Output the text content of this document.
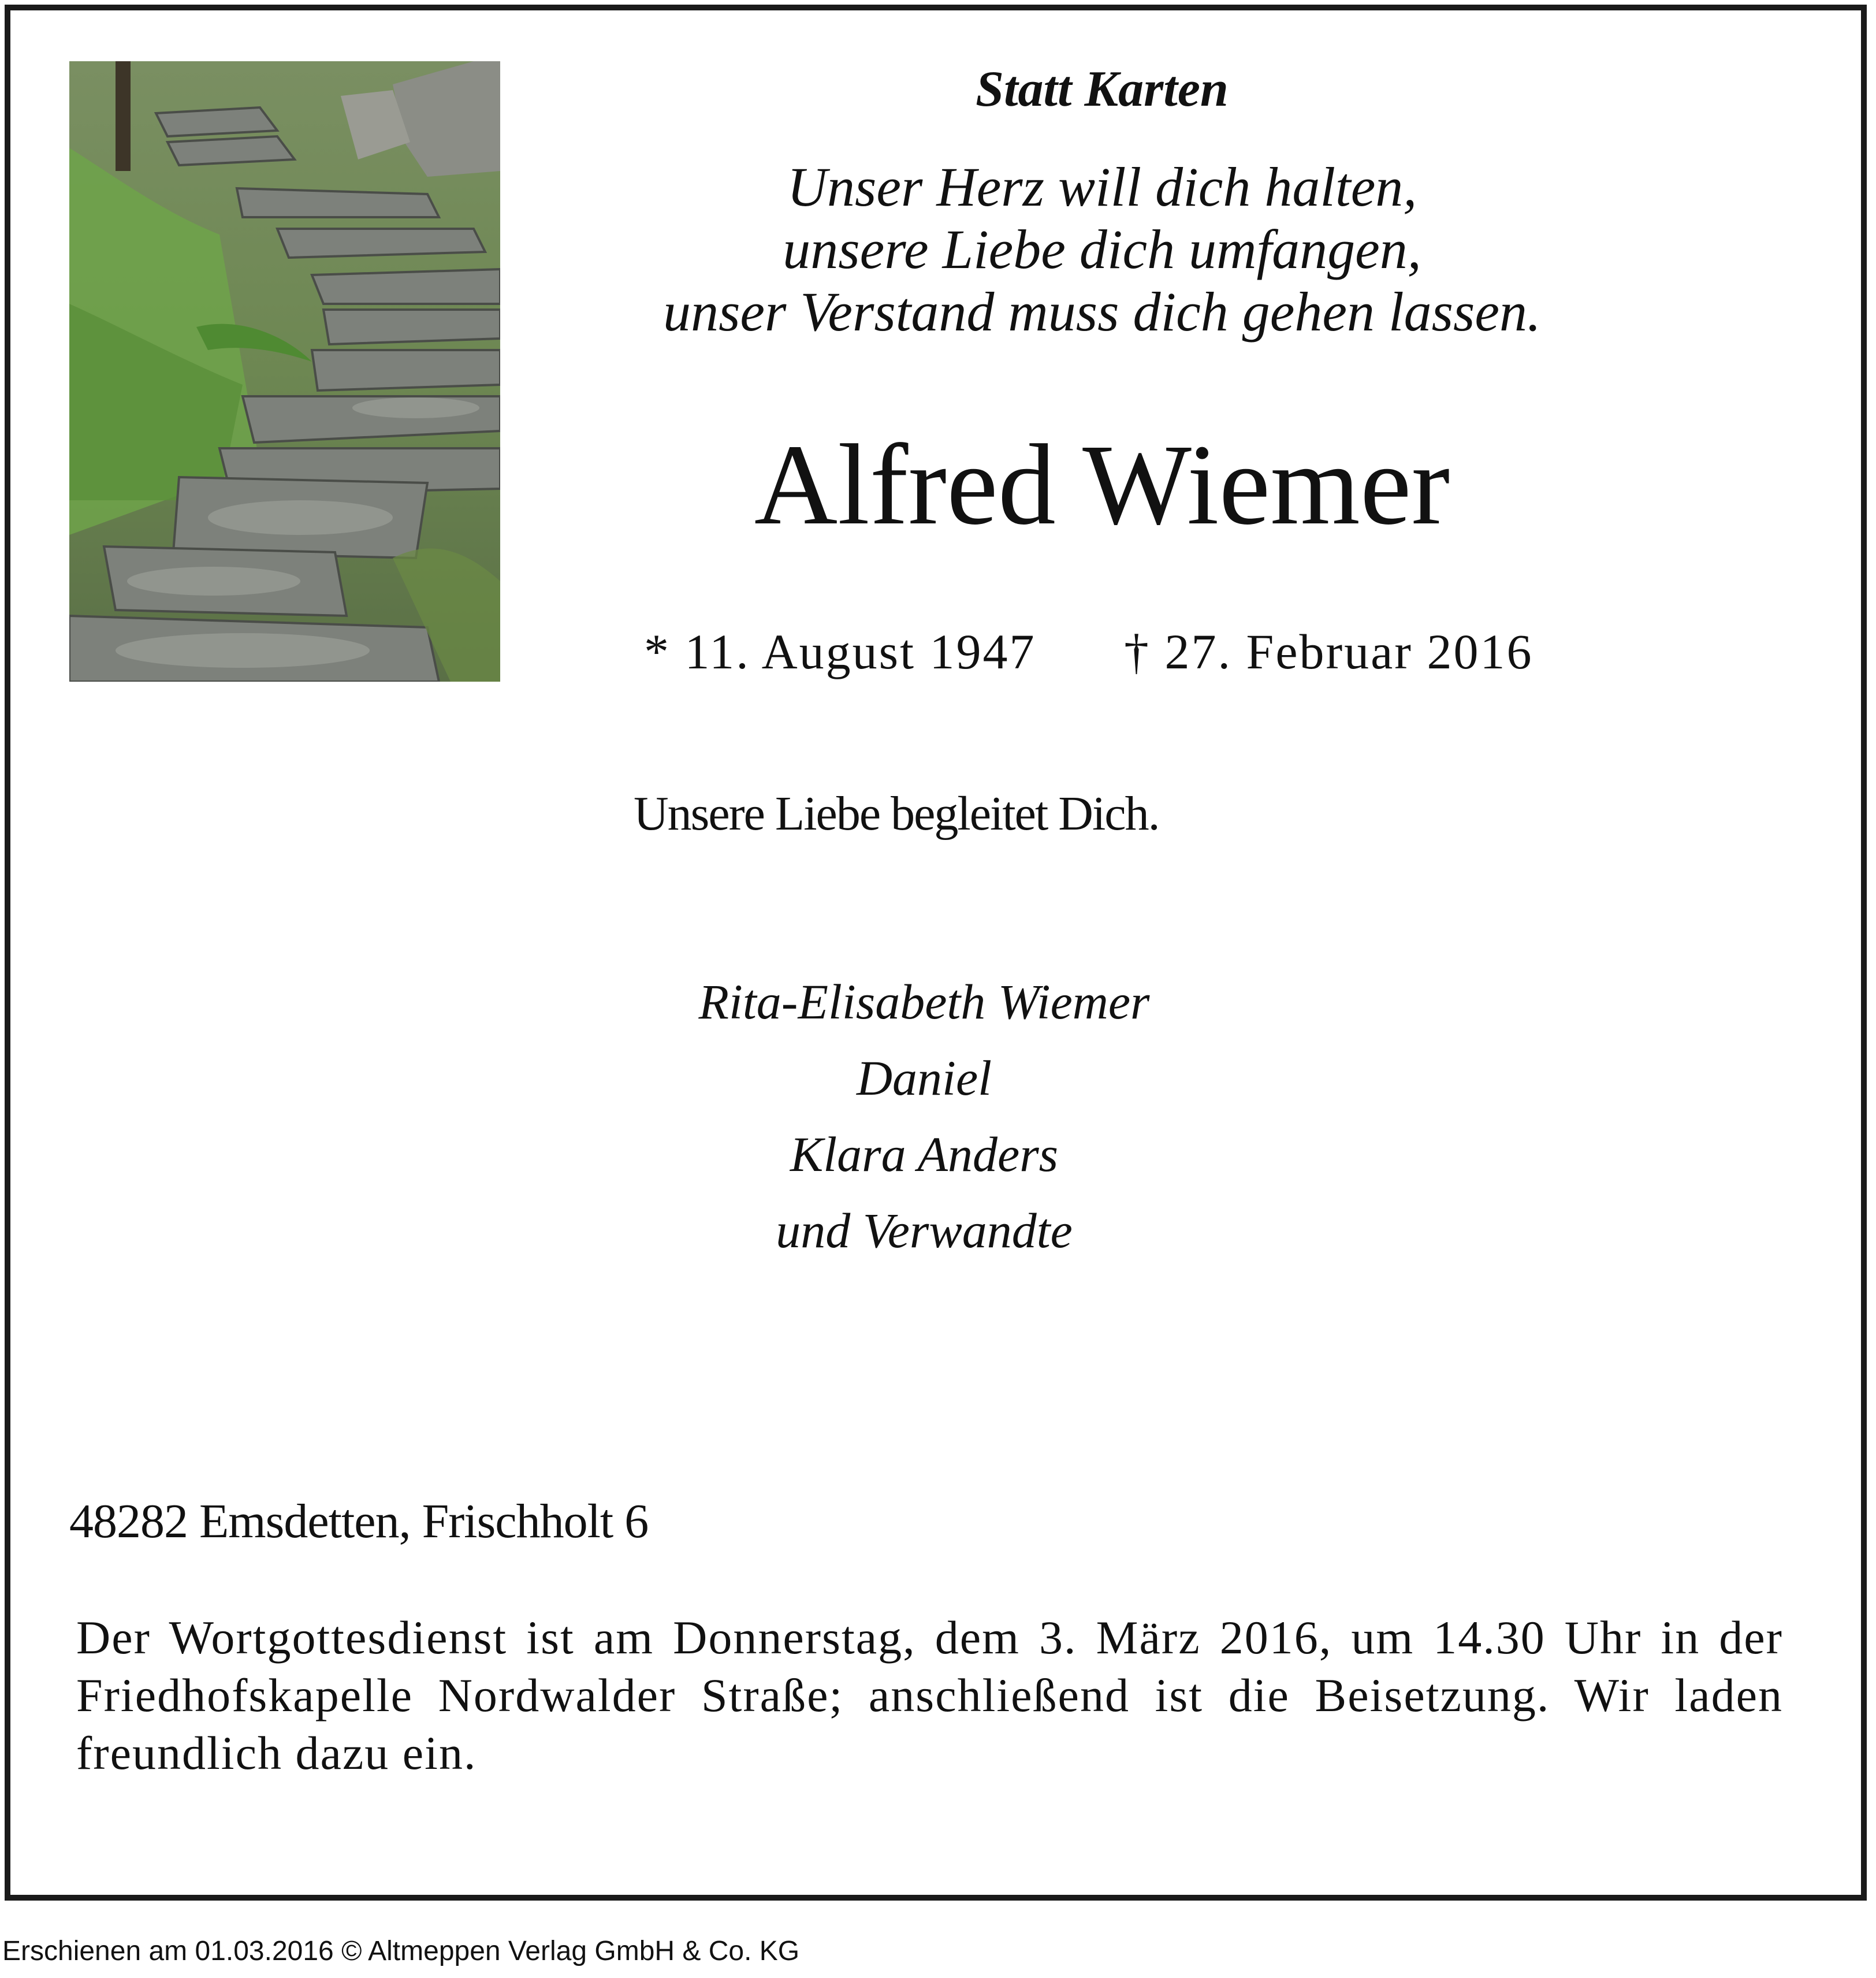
Statt Karten
Unser Herz will dich halten,
unsere Liebe dich umfangen,
unser Verstand muss dich gehen lassen.
Alfred Wiemer
* 11. August 1947 † 27. Februar 2016
Unsere Liebe begleitet Dich.
Rita-Elisabeth Wiemer
Daniel
Klara Anders
und Verwandte
48282 Emsdetten, Frischholt 6
Der Wortgottesdienst ist am Donnerstag, dem 3. März 2016, um 14.30 Uhr in der Friedhofskapelle Nordwalder Straße; anschließend ist die Beisetzung. Wir laden freundlich dazu ein.
Erschienen am 01.03.2016 © Altmeppen Verlag GmbH & Co. KG
